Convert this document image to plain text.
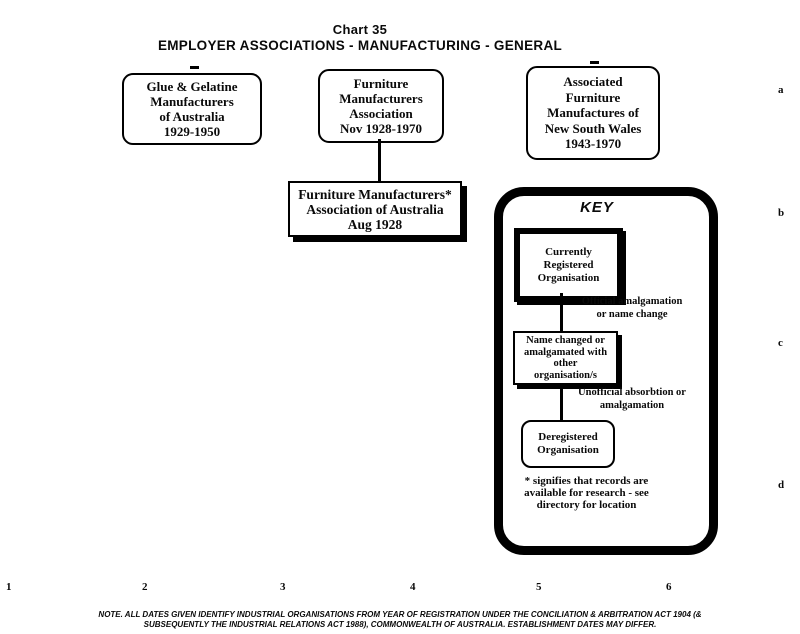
Chart 35
EMPLOYER ASSOCIATIONS - MANUFACTURING - GENERAL
Glue & Gelatine
Manufacturers
of Australia
1929-1950
Furniture
Manufacturers
Association
Nov 1928-1970
Associated
Furniture
Manufactures of
New South Wales
1943-1970
Furniture Manufacturers*
Association of Australia
Aug 1928
KEY
Currently
Registered
Organisation
Official amalgamation
or name change
Name changed or
amalgamated with
other
organisation/s
Unofficial absorbtion or
amalgamation
Deregistered
Organisation
* signifies that records are
available for research - see
directory for location
a
b
c
d
1	2	3	4	5	6
NOTE. ALL DATES GIVEN IDENTIFY INDUSTRIAL ORGANISATIONS FROM YEAR OF REGISTRATION UNDER THE CONCILIATION & ARBITRATION ACT 1904 (&
SUBSEQUENTLY THE INDUSTRIAL RELATIONS ACT 1988), COMMONWEALTH OF AUSTRALIA. ESTABLISHMENT DATES MAY DIFFER.
